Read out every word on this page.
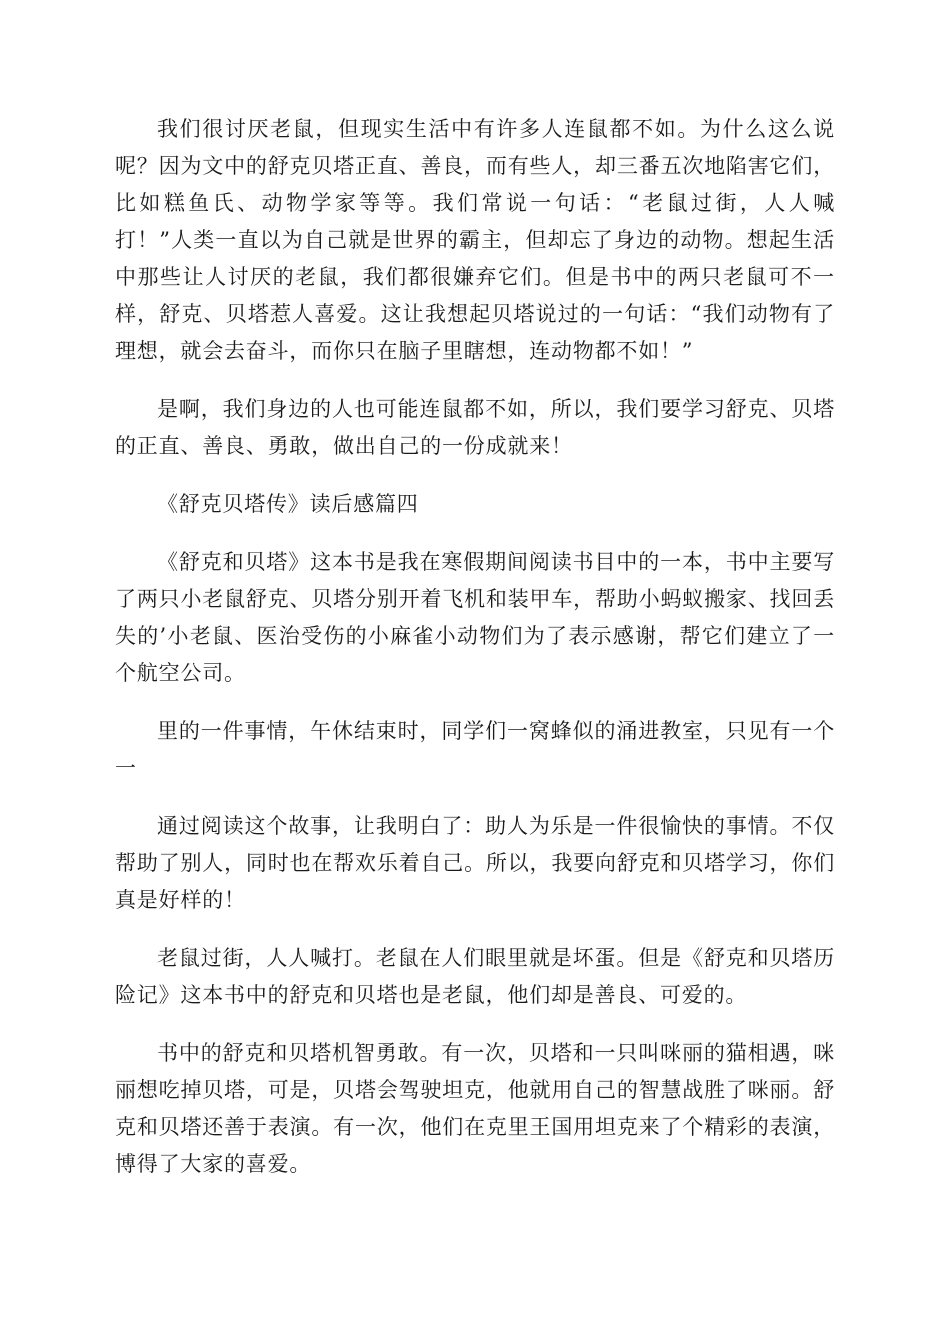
我们很讨厌老鼠，但现实生活中有许多人连鼠都不如。为什么这么说呢？因为文中的舒克贝塔正直、善良，而有些人，却三番五次地陷害它们，比如糕鱼氏、动物学家等等。我们常说一句话：“老鼠过街，人人喊打！”人类一直以为自己就是世界的霸主，但却忘了身边的动物。想起生活中那些让人讨厌的老鼠，我们都很嫌弃它们。但是书中的两只老鼠可不一样，舒克、贝塔惹人喜爱。这让我想起贝塔说过的一句话：“我们动物有了理想，就会去奋斗，而你只在脑子里瞎想，连动物都不如！”

是啊，我们身边的人也可能连鼠都不如，所以，我们要学习舒克、贝塔的正直、善良、勇敢，做出自己的一份成就来！

《舒克贝塔传》读后感篇四

《舒克和贝塔》这本书是我在寒假期间阅读书目中的一本，书中主要写了两只小老鼠舒克、贝塔分别开着飞机和装甲车，帮助小蚂蚁搬家、找回丢失的’小老鼠、医治受伤的小麻雀小动物们为了表示感谢，帮它们建立了一个航空公司。

里的一件事情，午休结束时，同学们一窝蜂似的涌进教室，只见有一个一

通过阅读这个故事，让我明白了：助人为乐是一件很愉快的事情。不仅帮助了别人，同时也在帮欢乐着自己。所以，我要向舒克和贝塔学习，你们真是好样的！

老鼠过街，人人喊打。老鼠在人们眼里就是坏蛋。但是《舒克和贝塔历险记》这本书中的舒克和贝塔也是老鼠，他们却是善良、可爱的。

书中的舒克和贝塔机智勇敢。有一次，贝塔和一只叫咪丽的猫相遇，咪丽想吃掉贝塔，可是，贝塔会驾驶坦克，他就用自己的智慧战胜了咪丽。舒克和贝塔还善于表演。有一次，他们在克里王国用坦克来了个精彩的表演，博得了大家的喜爱。
